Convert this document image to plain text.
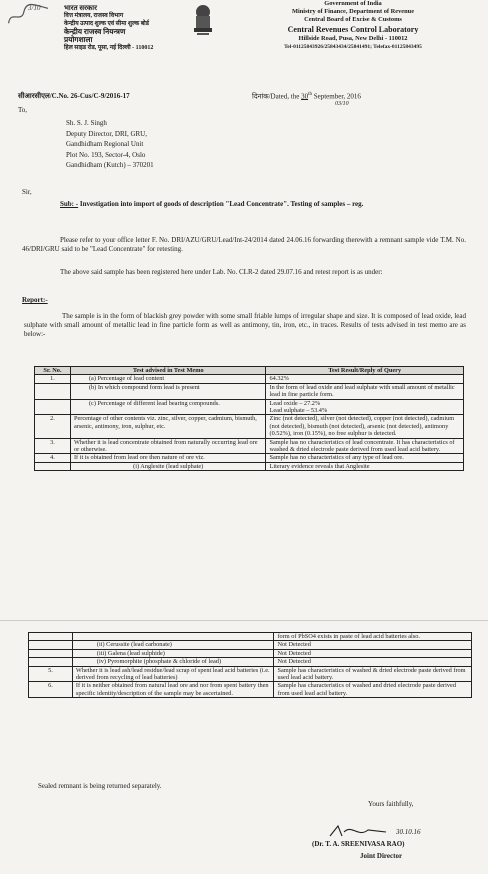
भारत सरकार
वित्त मंत्रालय, राजस्व विभाग
केन्द्रीय उत्पाद शुल्क एवं सीमा शुल्क बोर्ड
केन्द्रीय राजस्व नियन्त्रण प्रयोगशाला
हिल साइड रोड, पूसा, नई दिल्ली - 110012
Government of India
Ministry of Finance, Department of Revenue
Central Board of Excise & Customs
Central Revenues Control Laboratory
Hillside Road, Pusa, New Delhi - 110012
Tel-01125843926/25843434/25841491; Telefax-01125843495
3/10
सीआरसीएल/C.No. 26-Cus/C-9/2016-17	दिनांक/Dated, the 30th September, 2016
03/10
To,
Sh. S. J. Singh
Deputy Director, DRI, GRU,
Gandhidham Regional Unit
Plot No. 193, Sector-4, Oslo
Gandhidham (Kutch) – 370201
Sir,
Sub: - Investigation into import of goods of description "Lead Concentrate". Testing of samples – reg.
Please refer to your office letter F. No. DRI/AZU/GRU/Lead/Int-24/2014 dated 24.06.16 forwarding therewith a remnant sample vide T.M. No. 46/DRI/GRU said to be "Lead Concentrate" for retesting.
The above said sample has been registered here under Lab. No. CLR-2 dated 29.07.16 and retest report is as under:
Report:-
The sample is in the form of blackish grey powder with some small friable lumps of irregular shape and size. It is composed of lead oxide, lead sulphate with small amount of metallic lead in fine particle form as well as antimony, tin, iron, etc., in traces. Results of tests advised in test memo are as below:-
Sr. No.	Test advised in Test Memo	Test Result/Reply of Query
1.	(a) Percentage of lead content	64.32%
	(b) In which compound form lead is present	In the form of lead oxide and lead sulphate with small amount of metallic lead in fine particle form.
	(c) Percentage of different lead bearing compounds.	Lead oxide – 27.2%
Lead sulphate – 53.4%
2.	Percentage of other contents viz. zinc, silver, copper, cadmium, bismuth, arsenic, antimony, iron, sulphur, etc.	Zinc (not detected), silver (not detected), copper (not detected), cadmium (not detected), bismuth (not detected), arsenic (not detected), antimony (0.52%), iron (0.15%), no free sulphur is detected.
3.	Whether it is lead concentrate obtained from naturally occurring lead ore or otherwise.	Sample has no characteristics of lead concentrate. It has characteristics of washed & dried electrode paste derived from used lead acid battery.
4.	If it is obtained from lead ore then nature of ore viz.	Sample has no characteristics of any type of lead ore.
	(i) Anglesite (lead sulphate)	Literary evidence reveals that Anglesite
		form of PbSO4 exists in paste of lead acid batteries also.
	(ii) Cerussite (lead carbonate)	Not Detected
	(iii) Galena (lead sulphide)	Not Detected
	(iv) Pyromorphite (phosphate & chloride of lead)	Not Detected
5.	Whether it is lead ash/lead residue/lead scrap of spent lead acid batteries (i.e. derived from recycling of lead batteries)	Sample has characteristics of washed & dried electrode paste derived from used lead acid battery.
6.	If it is neither obtained from natural lead ore and nor from spent battery then specific identity/description of the sample may be ascertained.	Sample has characteristics of washed and dried electrode paste derived from used lead acid battery.
Sealed remnant is being returned separately.
Yours faithfully,
30.10.16
(Dr. T. A. SREENIVASA RAO)
Joint Director
